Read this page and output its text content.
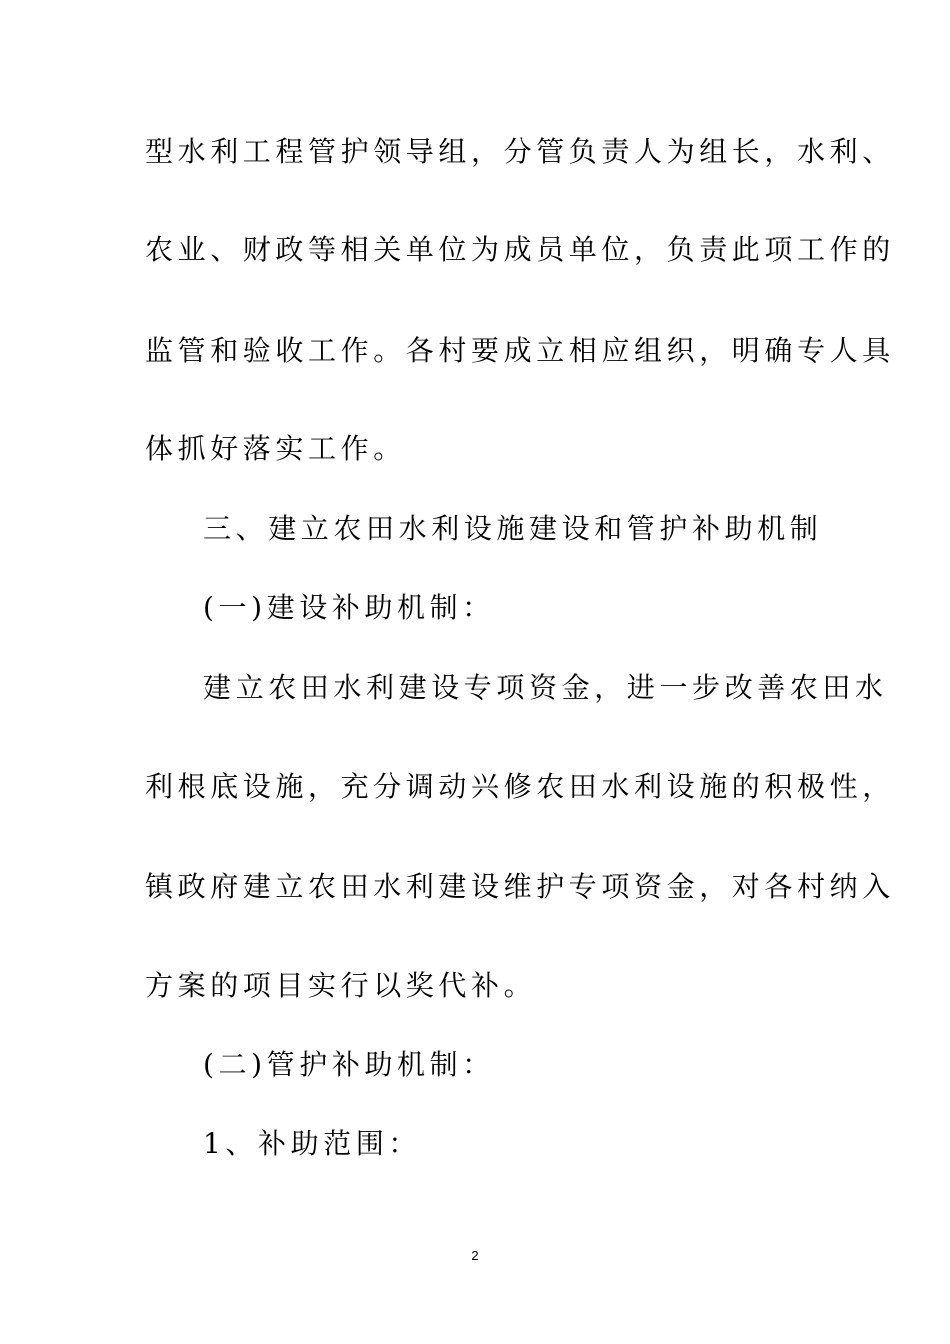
型水利工程管护领导组，分管负责人为组长，水利、
农业、财政等相关单位为成员单位，负责此项工作的
监管和验收工作。各村要成立相应组织，明确专人具
体抓好落实工作。
三、建立农田水利设施建设和管护补助机制
(一)建设补助机制：
建立农田水利建设专项资金，进一步改善农田水
利根底设施，充分调动兴修农田水利设施的积极性，
镇政府建立农田水利建设维护专项资金，对各村纳入
方案的项目实行以奖代补。
(二)管护补助机制：
1、补助范围：
2
